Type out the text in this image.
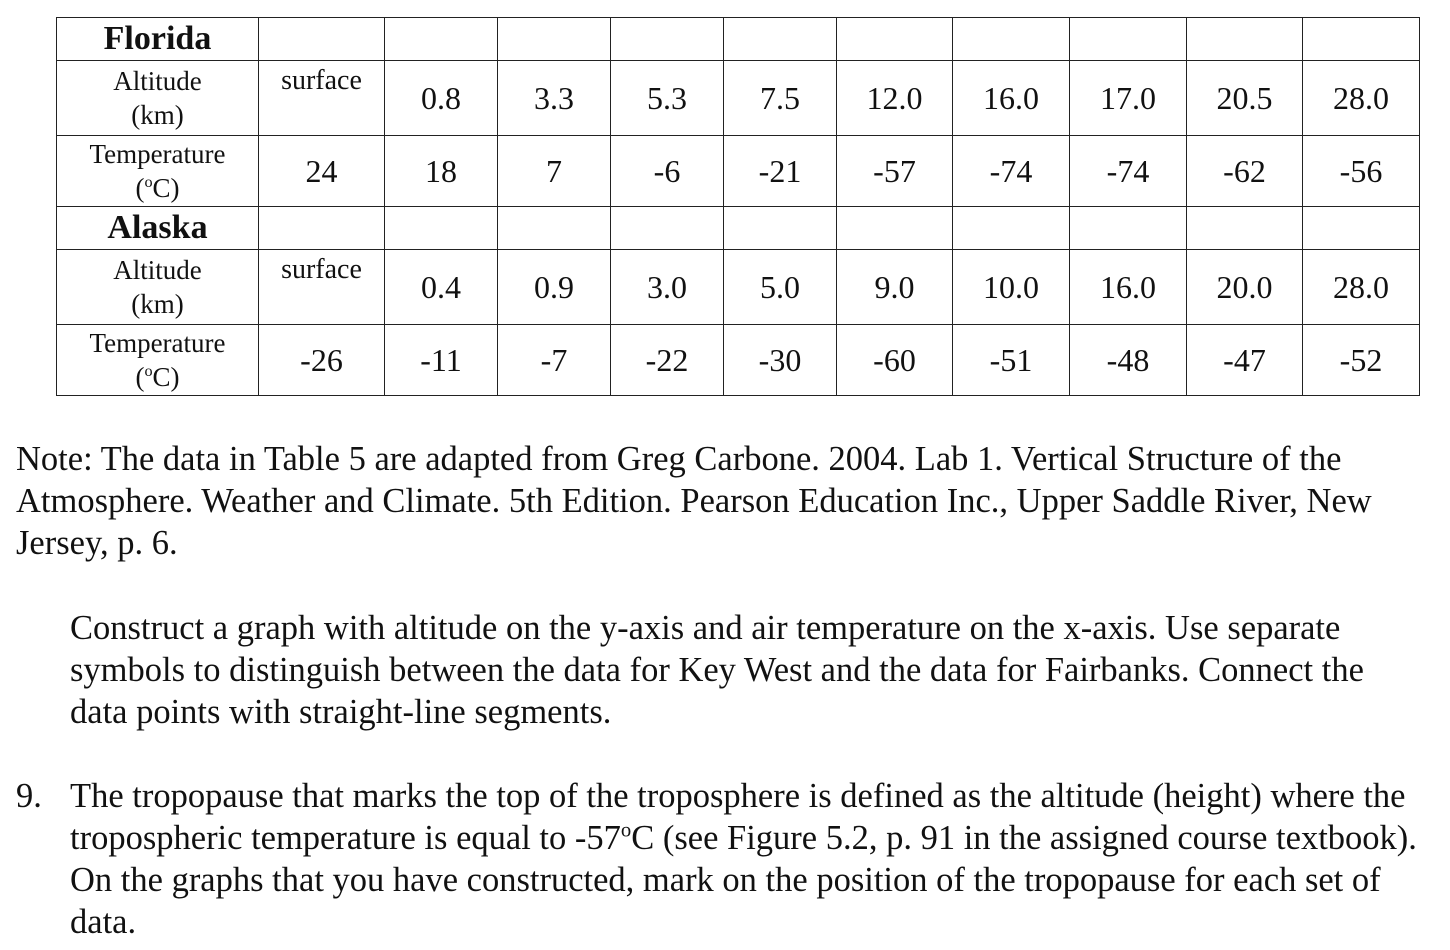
Florida										

Altitude
(km)	surface	0.8	3.3	5.3	7.5	12.0	16.0	17.0	20.5	28.0

Temperature
($^o$C)	24	18	7	-6	-21	-57	-74	-74	-62	-56
Alaska										

Altitude
(km)	surface	0.4	0.9	3.0	5.0	9.0	10.0	16.0	20.0	28.0

Temperature
($^o$C)	-26	-11	-7	-22	-30	-60	-51	-48	-47	-52

Note: The data in Table 5 are adapted from Greg Carbone. 2004. Lab 1. Vertical Structure of the Atmosphere. Weather and Climate. 5th Edition. Pearson Education Inc., Upper Saddle River, New Jersey, p. 6.

Construct a graph with altitude on the y-axis and air temperature on the x-axis. Use separate symbols to distinguish between the data for Key West and the data for Fairbanks. Connect the data points with straight-line segments.

9. The tropopause that marks the top of the troposphere is defined as the altitude (height) where the tropospheric temperature is equal to -57$^o$C (see Figure 5.2, p. 91 in the assigned course textbook). On the graphs that you have constructed, mark on the position of the tropopause for each set of data.
